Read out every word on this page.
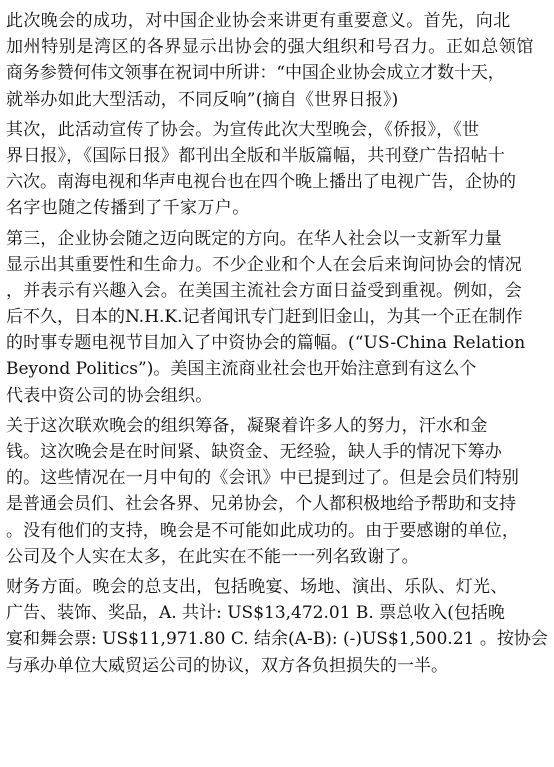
此次晚会的成功，对中国企业协会来讲更有重要意义。首先，向北
加州特别是湾区的各界显示出协会的强大组织和号召力。正如总领馆
商务参赞何伟文领事在祝词中所讲：“中国企业协会成立才数十天，
就举办如此大型活动，不同反响”(摘自《世界日报》)
其次，此活动宣传了协会。为宣传此次大型晚会，《侨报》，《世
界日报》，《国际日报》都刊出全版和半版篇幅，共刊登广告招帖十
六次。南海电视和华声电视台也在四个晚上播出了电视广告，企协的
名字也随之传播到了千家万户。
第三，企业协会随之迈向既定的方向。在华人社会以一支新军力量
显示出其重要性和生命力。不少企业和个人在会后来询问协会的情况
，并表示有兴趣入会。在美国主流社会方面日益受到重视。例如，会
后不久，日本的N.H.K.记者闻讯专门赶到旧金山，为其一个正在制作
的时事专题电视节目加入了中资协会的篇幅。(“US-China Relation
Beyond Politics”)。美国主流商业社会也开始注意到有这么个
代表中资公司的协会组织。
关于这次联欢晚会的组织筹备，凝聚着许多人的努力，汗水和金
钱。这次晚会是在时间紧、缺资金、无经验，缺人手的情况下筹办
的。这些情况在一月中旬的《会讯》中已提到过了。但是会员们特别
是普通会员们、社会各界、兄弟协会，个人都积极地给予帮助和支持
。没有他们的支持，晚会是不可能如此成功的。由于要感谢的单位，
公司及个人实在太多，在此实在不能一一列名致谢了。
财务方面。晚会的总支出，包括晚宴、场地、演出、乐队、灯光、
广告、装饰、奖品，A. 共计: US$13,472.01 B. 票总收入(包括晚
宴和舞会票: US$11,971.80 C. 结余(A-B): (-)US$1,500.21 。按协会
与承办单位大威贸运公司的协议，双方各负担损失的一半。
